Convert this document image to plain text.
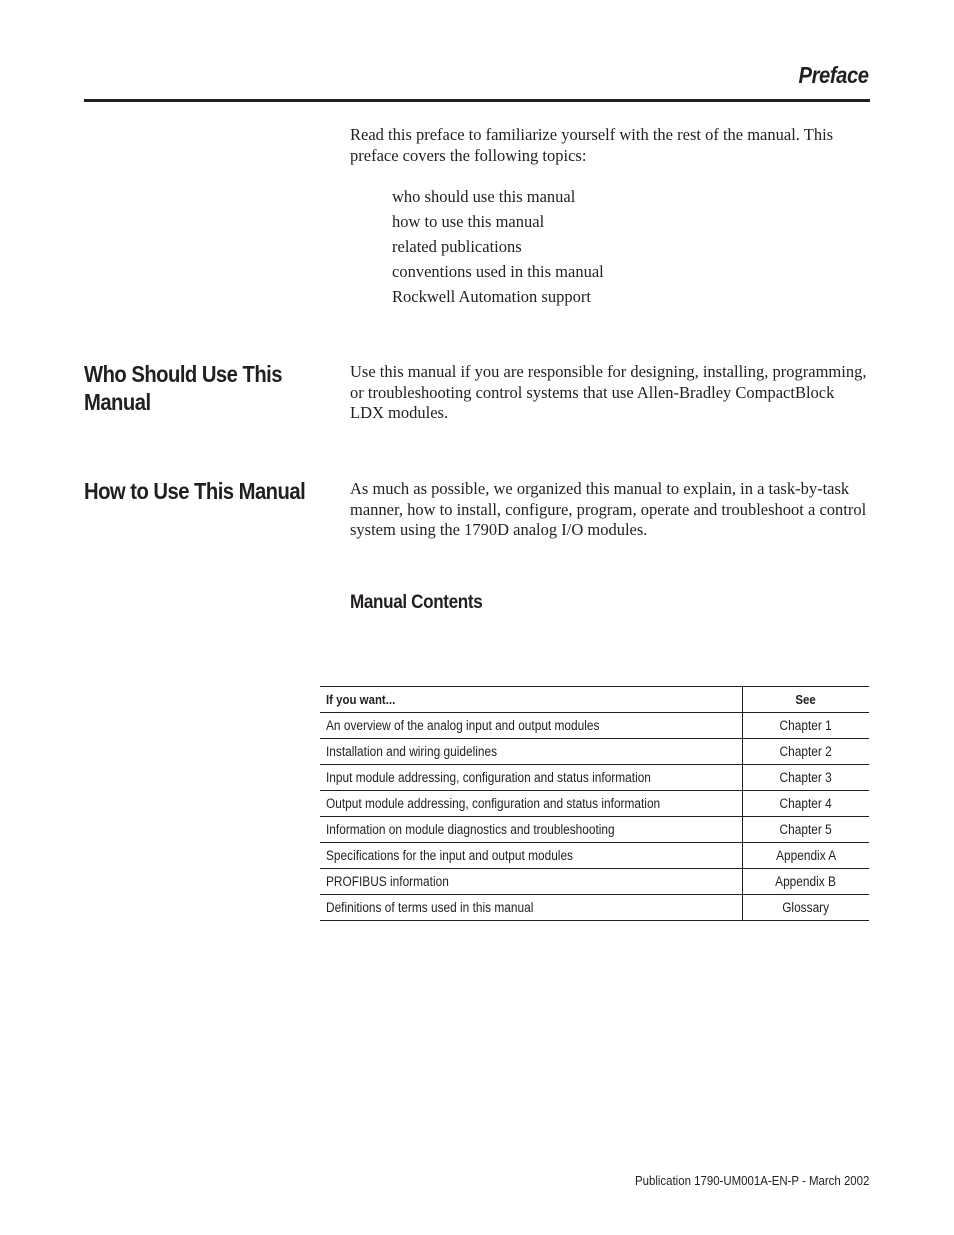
Preface

Read this preface to familiarize yourself with the rest of the manual. This preface covers the following topics:

who should use this manual
how to use this manual
related publications
conventions used in this manual
Rockwell Automation support
Who Should Use This Manual

Use this manual if you are responsible for designing, installing, programming, or troubleshooting control systems that use Allen-Bradley CompactBlock LDX modules.

How to Use This Manual	As much as possible, we organized this manual to explain, in a task-by-task manner, how to install, configure, program, operate and troubleshoot a control system using the 1790D analog I/O modules.

Manual Contents
If you want...	See
An overview of the analog input and output modules	Chapter 1
Installation and wiring guidelines	Chapter 2
Input module addressing, configuration and status information	Chapter 3
Output module addressing, configuration and status information	Chapter 4
Information on module diagnostics and troubleshooting	Chapter 5
Specifications for the input and output modules	Appendix A
PROFIBUS information	Appendix B
Definitions of terms used in this manual	Glossary
Publication 1790-UM001A-EN-P - March 2002
